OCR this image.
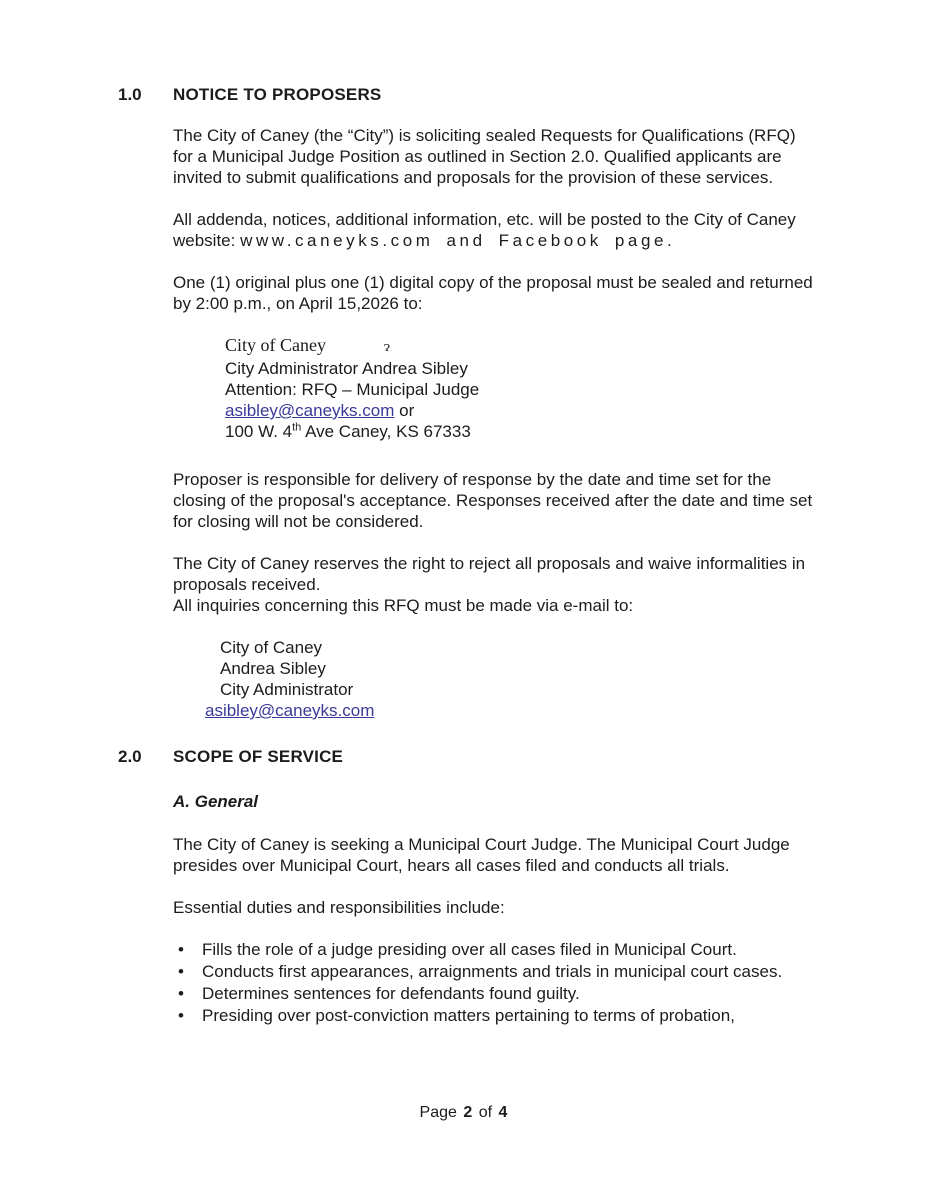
1.0	NOTICE TO PROPOSERS

The City of Caney (the “City”) is soliciting sealed Requests for Qualifications (RFQ) for a Municipal Judge Position as outlined in Section 2.0. Qualified applicants are invited to submit qualifications and proposals for the provision of these services.

All addenda, notices, additional information, etc. will be posted to the City of Caney website: www.caneyks.com and Facebook page.

One (1) original plus one (1) digital copy of the proposal must be sealed and returned by 2:00 p.m., on April 15,2026 to:

City of Caney	ɂ
City Administrator Andrea Sibley
Attention: RFQ – Municipal Judge
asibley@caneyks.com or
100 W. 4th Ave Caney, KS 67333

Proposer is responsible for delivery of response by the date and time set for the closing of the proposal's acceptance. Responses received after the date and time set for closing will not be considered.

The City of Caney reserves the right to reject all proposals and waive informalities in proposals received.
All inquiries concerning this RFQ must be made via e-mail to:
City of Caney
Andrea Sibley
City Administrator
asibley@caneyks.com
2.0	SCOPE OF SERVICE

A. General

The City of Caney is seeking a Municipal Court Judge. The Municipal Court Judge presides over Municipal Court, hears all cases filed and conducts all trials.

Essential duties and responsibilities include:

• Fills the role of a judge presiding over all cases filed in Municipal Court.
• Conducts first appearances, arraignments and trials in municipal court cases.
• Determines sentences for defendants found guilty.
• Presiding over post-conviction matters pertaining to terms of probation,
Page 2 of 4
